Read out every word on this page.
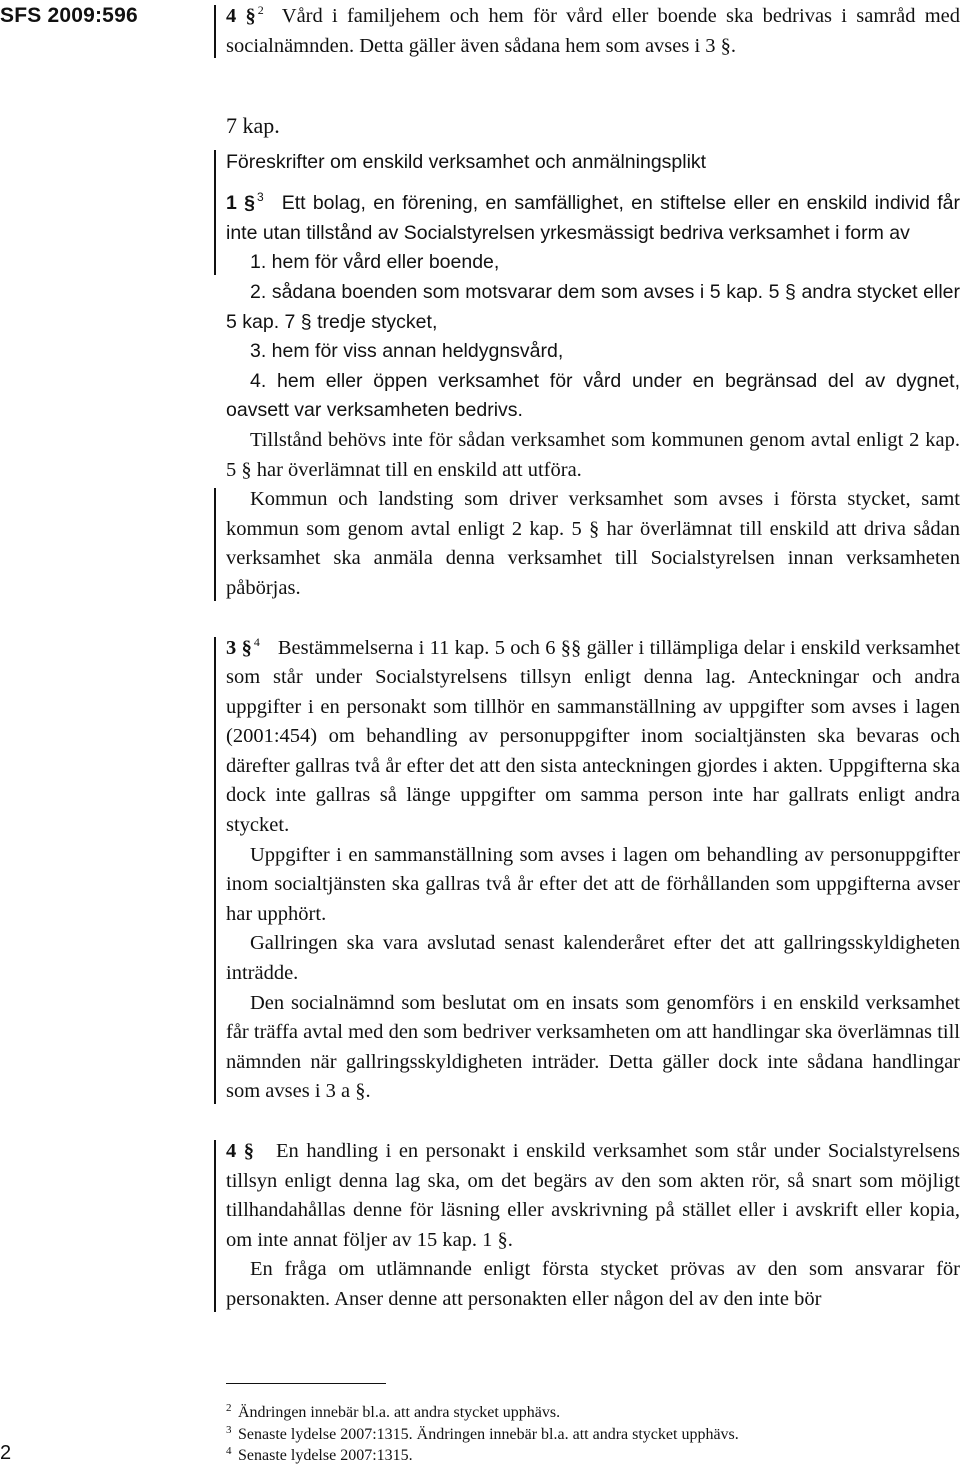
SFS 2009:596
2

4 § $^2$ Vård i familjehem och hem för vård eller boende ska bedrivas i samråd med socialnämnden. Detta gäller även sådana hem som avses i 3 §.

7 kap.

Föreskrifter om enskild verksamhet och anmälningsplikt

1 § $^3$ Ett bolag, en förening, en samfällighet, en stiftelse eller en enskild individ får inte utan tillstånd av Socialstyrelsen yrkesmässigt bedriva verksamhet i form av

1. hem för vård eller boende,

2. sådana boenden som motsvarar dem som avses i 5 kap. 5 § andra stycket eller 5 kap. 7 § tredje stycket,

3. hem för viss annan heldygnsvård,

4. hem eller öppen verksamhet för vård under en begränsad del av dygnet, oavsett var verksamheten bedrivs.

Tillstånd behövs inte för sådan verksamhet som kommunen genom avtal enligt 2 kap. 5 § har överlämnat till en enskild att utföra.

Kommun och landsting som driver verksamhet som avses i första stycket, samt kommun som genom avtal enligt 2 kap. 5 § har överlämnat till enskild att driva sådan verksamhet ska anmäla denna verksamhet till Socialstyrelsen innan verksamheten påbörjas.

3 § $^4$ Bestämmelserna i 11 kap. 5 och 6 §§ gäller i tillämpliga delar i enskild verksamhet som står under Socialstyrelsens tillsyn enligt denna lag. Anteckningar och andra uppgifter i en personakt som tillhör en sammanställning av uppgifter som avses i lagen (2001:454) om behandling av personuppgifter inom socialtjänsten ska bevaras och därefter gallras två år efter det att den sista anteckningen gjordes i akten. Uppgifterna ska dock inte gallras så länge uppgifter om samma person inte har gallrats enligt andra stycket.

Uppgifter i en sammanställning som avses i lagen om behandling av personuppgifter inom socialtjänsten ska gallras två år efter det att de förhållanden som uppgifterna avser har upphört.

Gallringen ska vara avslutad senast kalenderåret efter det att gallringsskyldigheten inträdde.

Den socialnämnd som beslutat om en insats som genomförs i en enskild verksamhet får träffa avtal med den som bedriver verksamheten om att handlingar ska överlämnas till nämnden när gallringsskyldigheten inträder. Detta gäller dock inte sådana handlingar som avses i 3 a §.

4 § En handling i en personakt i enskild verksamhet som står under Socialstyrelsens tillsyn enligt denna lag ska, om det begärs av den som akten rör, så snart som möjligt tillhandahållas denne för läsning eller avskrivning på stället eller i avskrift eller kopia, om inte annat följer av 15 kap. 1 §.

En fråga om utlämnande enligt första stycket prövas av den som ansvarar för personakten. Anser denne att personakten eller någon del av den inte bör

2 Ändringen innebär bl.a. att andra stycket upphävs.
3 Senaste lydelse 2007:1315. Ändringen innebär bl.a. att andra stycket upphävs.
4 Senaste lydelse 2007:1315.
